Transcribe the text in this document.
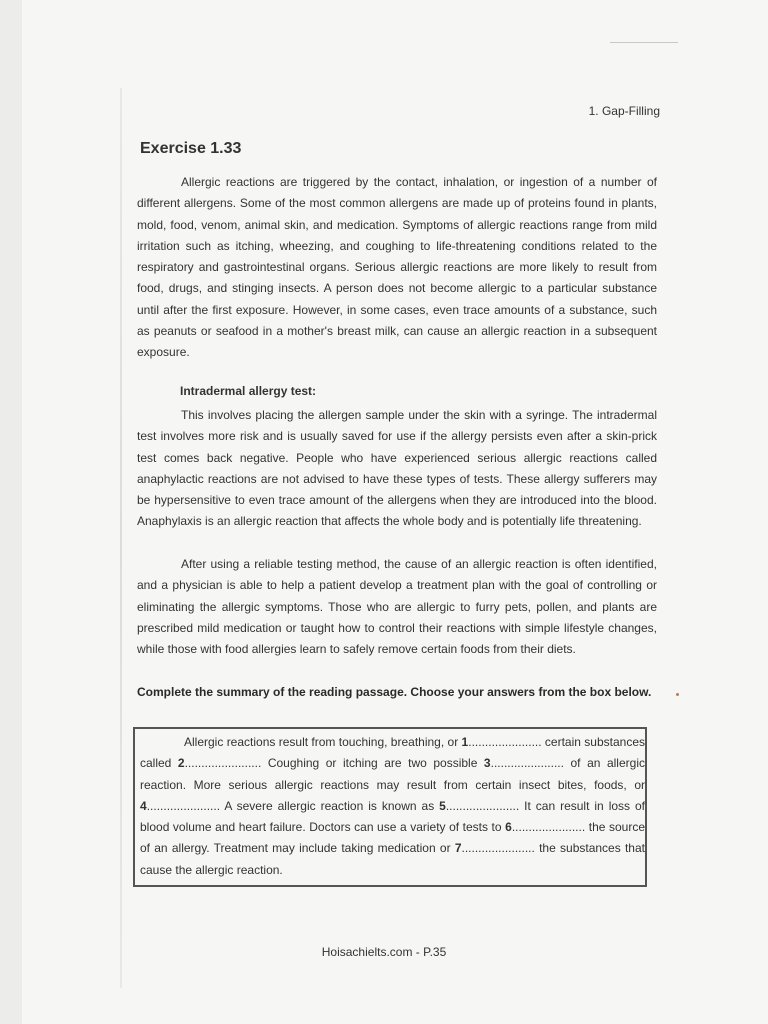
1. Gap-Filling
Exercise 1.33
Allergic reactions are triggered by the contact, inhalation, or ingestion of a number of different allergens. Some of the most common allergens are made up of proteins found in plants, mold, food, venom, animal skin, and medication. Symptoms of allergic reactions range from mild irritation such as itching, wheezing, and coughing to life-threatening conditions related to the respiratory and gastrointestinal organs. Serious allergic reactions are more likely to result from food, drugs, and stinging insects. A person does not become allergic to a particular substance until after the first exposure. However, in some cases, even trace amounts of a substance, such as peanuts or seafood in a mother's breast milk, can cause an allergic reaction in a subsequent exposure.
Intradermal allergy test:
This involves placing the allergen sample under the skin with a syringe. The intradermal test involves more risk and is usually saved for use if the allergy persists even after a skin-prick test comes back negative. People who have experienced serious allergic reactions called anaphylactic reactions are not advised to have these types of tests. These allergy sufferers may be hypersensitive to even trace amount of the allergens when they are introduced into the blood. Anaphylaxis is an allergic reaction that affects the whole body and is potentially life threatening.
After using a reliable testing method, the cause of an allergic reaction is often identified, and a physician is able to help a patient develop a treatment plan with the goal of controlling or eliminating the allergic symptoms. Those who are allergic to furry pets, pollen, and plants are prescribed mild medication or taught how to control their reactions with simple lifestyle changes, while those with food allergies learn to safely remove certain foods from their diets.
Complete the summary of the reading passage. Choose your answers from the box below.
Allergic reactions result from touching, breathing, or 1...................... certain substances called 2....................... Coughing or itching are two possible 3...................... of an allergic reaction. More serious allergic reactions may result from certain insect bites, foods, or 4...................... A severe allergic reaction is known as 5...................... It can result in loss of blood volume and heart failure. Doctors can use a variety of tests to 6...................... the source of an allergy. Treatment may include taking medication or 7...................... the substances that cause the allergic reaction.
Hoisachielts.com - P.35
